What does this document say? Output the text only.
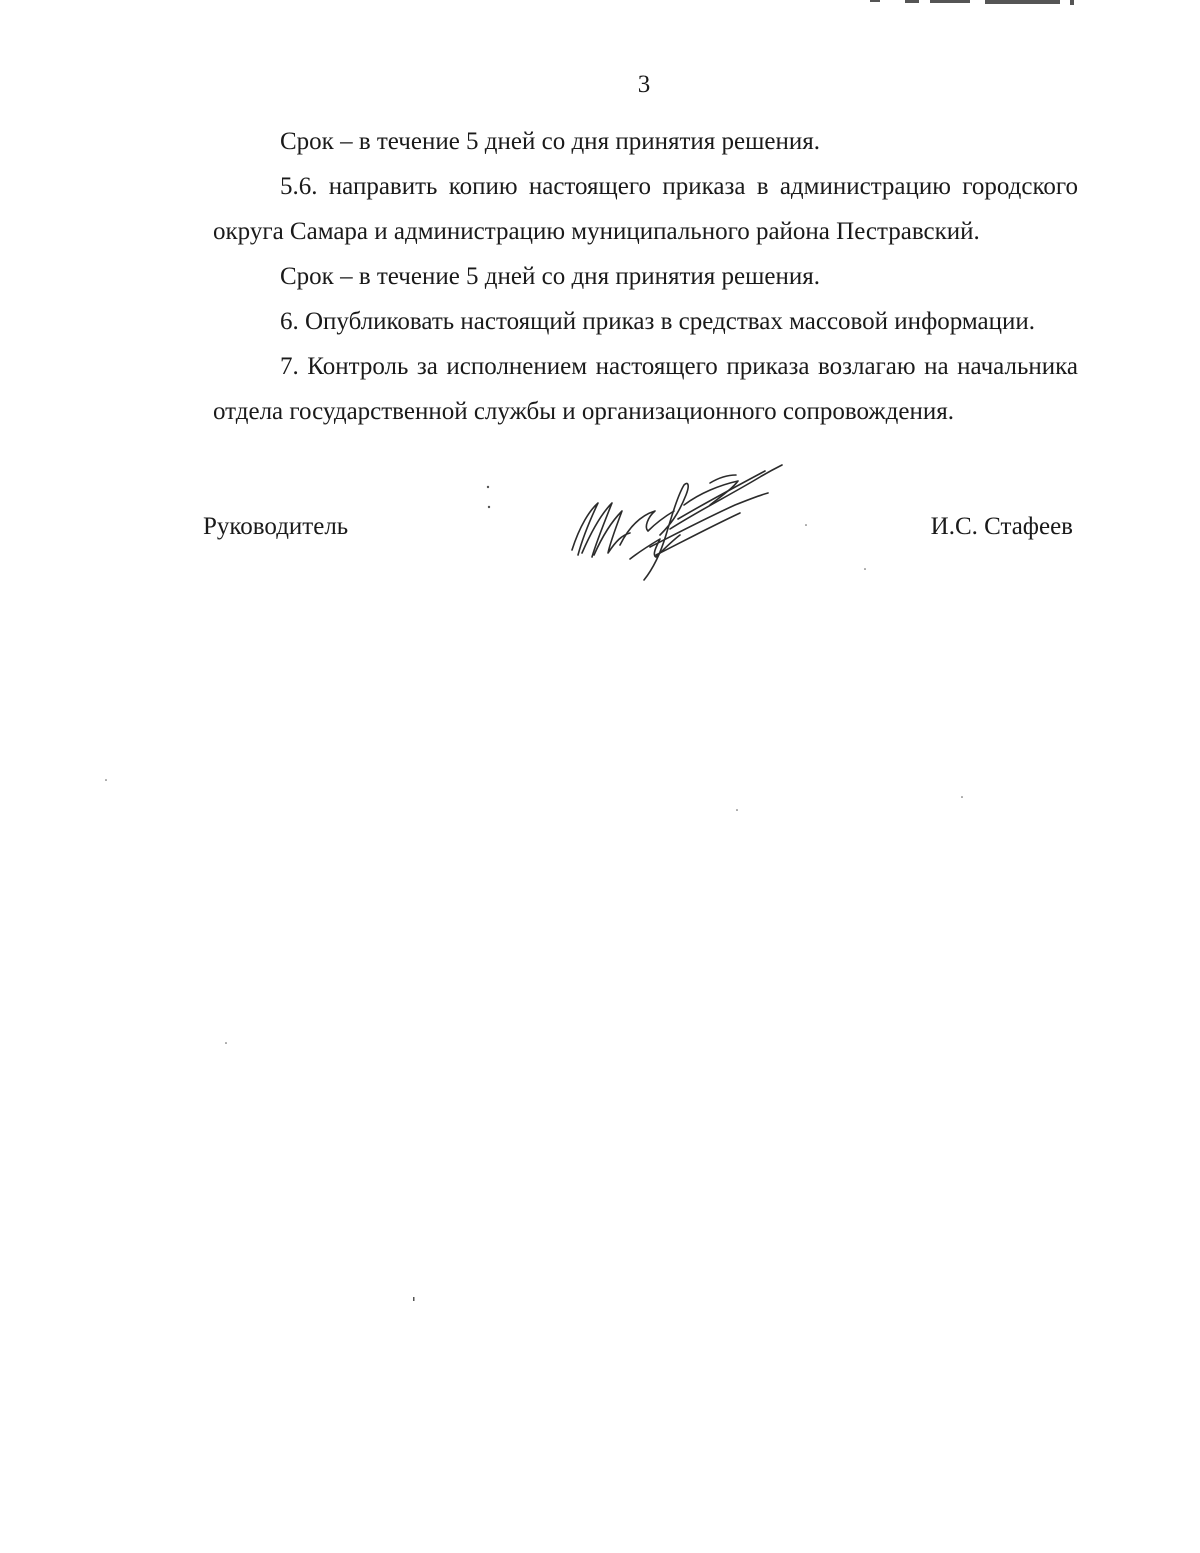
3

Срок – в течение 5 дней со дня принятия решения.

5.6. направить копию настоящего приказа в администрацию городского округа Самара и администрацию муниципального района Пестравский.

Срок – в течение 5 дней со дня принятия решения.

6. Опубликовать настоящий приказ в средствах массовой информации.

7. Контроль за исполнением настоящего приказа возлагаю на начальника отдела государственной службы и организационного сопровождения.

Руководитель	И.С. Стафеев
